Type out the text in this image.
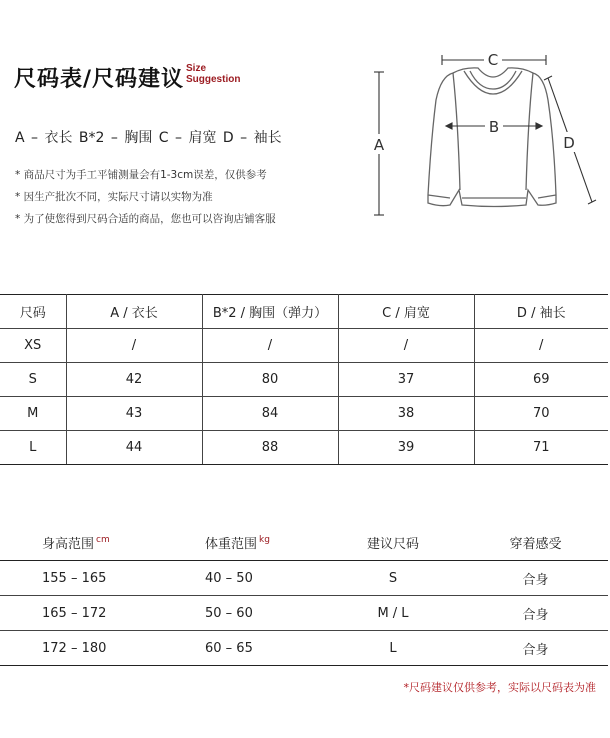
尺码表/尺码建议 Size
Suggestion
A – 衣长 B*2 – 胸围 C – 肩宽 D – 袖长
* 商品尺寸为手工平铺测量会有1-3cm误差，仅供参考
* 因生产批次不同，实际尺寸请以实物为准
* 为了使您得到尺码合适的商品，您也可以咨询店铺客服
C
A
B
D
尺码	A / 衣长	B*2 / 胸围（弹力）	C / 肩宽	D / 袖长
XS	/	/	/	/
S	42	80	37	69
M	43	84	38	70
L	44	88	39	71
身高范围 $^{cm}$	体重范围 $^{kg}$	建议尺码	穿着感受
155 – 165	40 – 50	S	合身
165 – 172	50 – 60	M / L	合身
172 – 180	60 – 65	L	合身
*尺码建议仅供参考，实际以尺码表为准
